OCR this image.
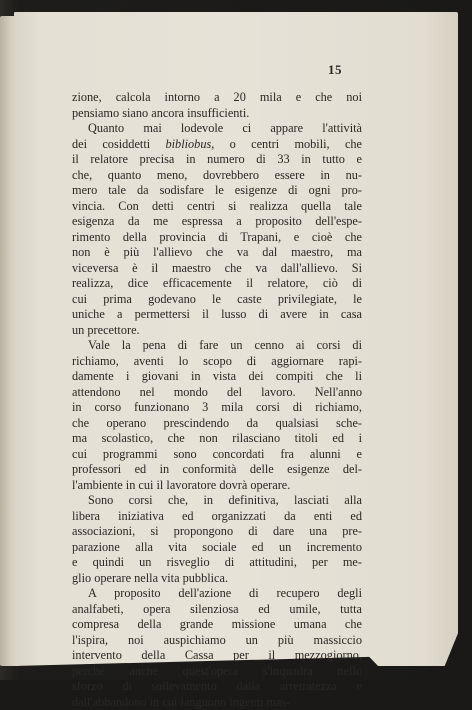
15
zione, calcola intorno a 20 mila e che noi
pensiamo siano ancora insufficienti.
Quanto mai lodevole ci appare l'attività
dei cosiddetti bibliobus, o centri mobili, che
il relatore precisa in numero di 33 in tutto e
che, quanto meno, dovrebbero essere in nu-
mero tale da sodisfare le esigenze di ogni pro-
vincia. Con detti centri si realizza quella tale
esigenza da me espressa a proposito dell'espe-
rimento della provincia di Trapani, e cioè che
non è più l'allievo che va dal maestro, ma
viceversa è il maestro che va dall'allievo. Si
realizza, dice efficacemente il relatore, ciò di
cui prima godevano le caste privilegiate, le
uniche a permettersi il lusso di avere in casa
un precettore.
Vale la pena di fare un cenno ai corsi di
richiamo, aventi lo scopo di aggiornare rapi-
damente i giovani in vista dei compiti che li
attendono nel mondo del lavoro. Nell'anno
in corso funzionano 3 mila corsi di richiamo,
che operano prescindendo da qualsiasi sche-
ma scolastico, che non rilasciano titoli ed i
cui programmi sono concordati fra alunni e
professori ed in conformità delle esigenze del-
l'ambiente in cui il lavoratore dovrà operare.
Sono corsi che, in definitiva, lasciati alla
libera iniziativa ed organizzati da enti ed
associazioni, si propongono di dare una pre-
parazione alla vita sociale ed un incremento
e quindi un risveglio di attitudini, per me-
glio operare nella vita pubblica.
A proposito dell'azione di recupero degli
analfabeti, opera silenziosa ed umile, tutta
compresa della grande missione umana che
l'ispira, noi auspichiamo un più massiccio
intervento della Cassa per il mezzogiorno,
perché anche quest'opera s'inquadra nello
sforzo di sollevamento dalla arretratezza e
dall'abbandono in cui languono ingenti mas-
